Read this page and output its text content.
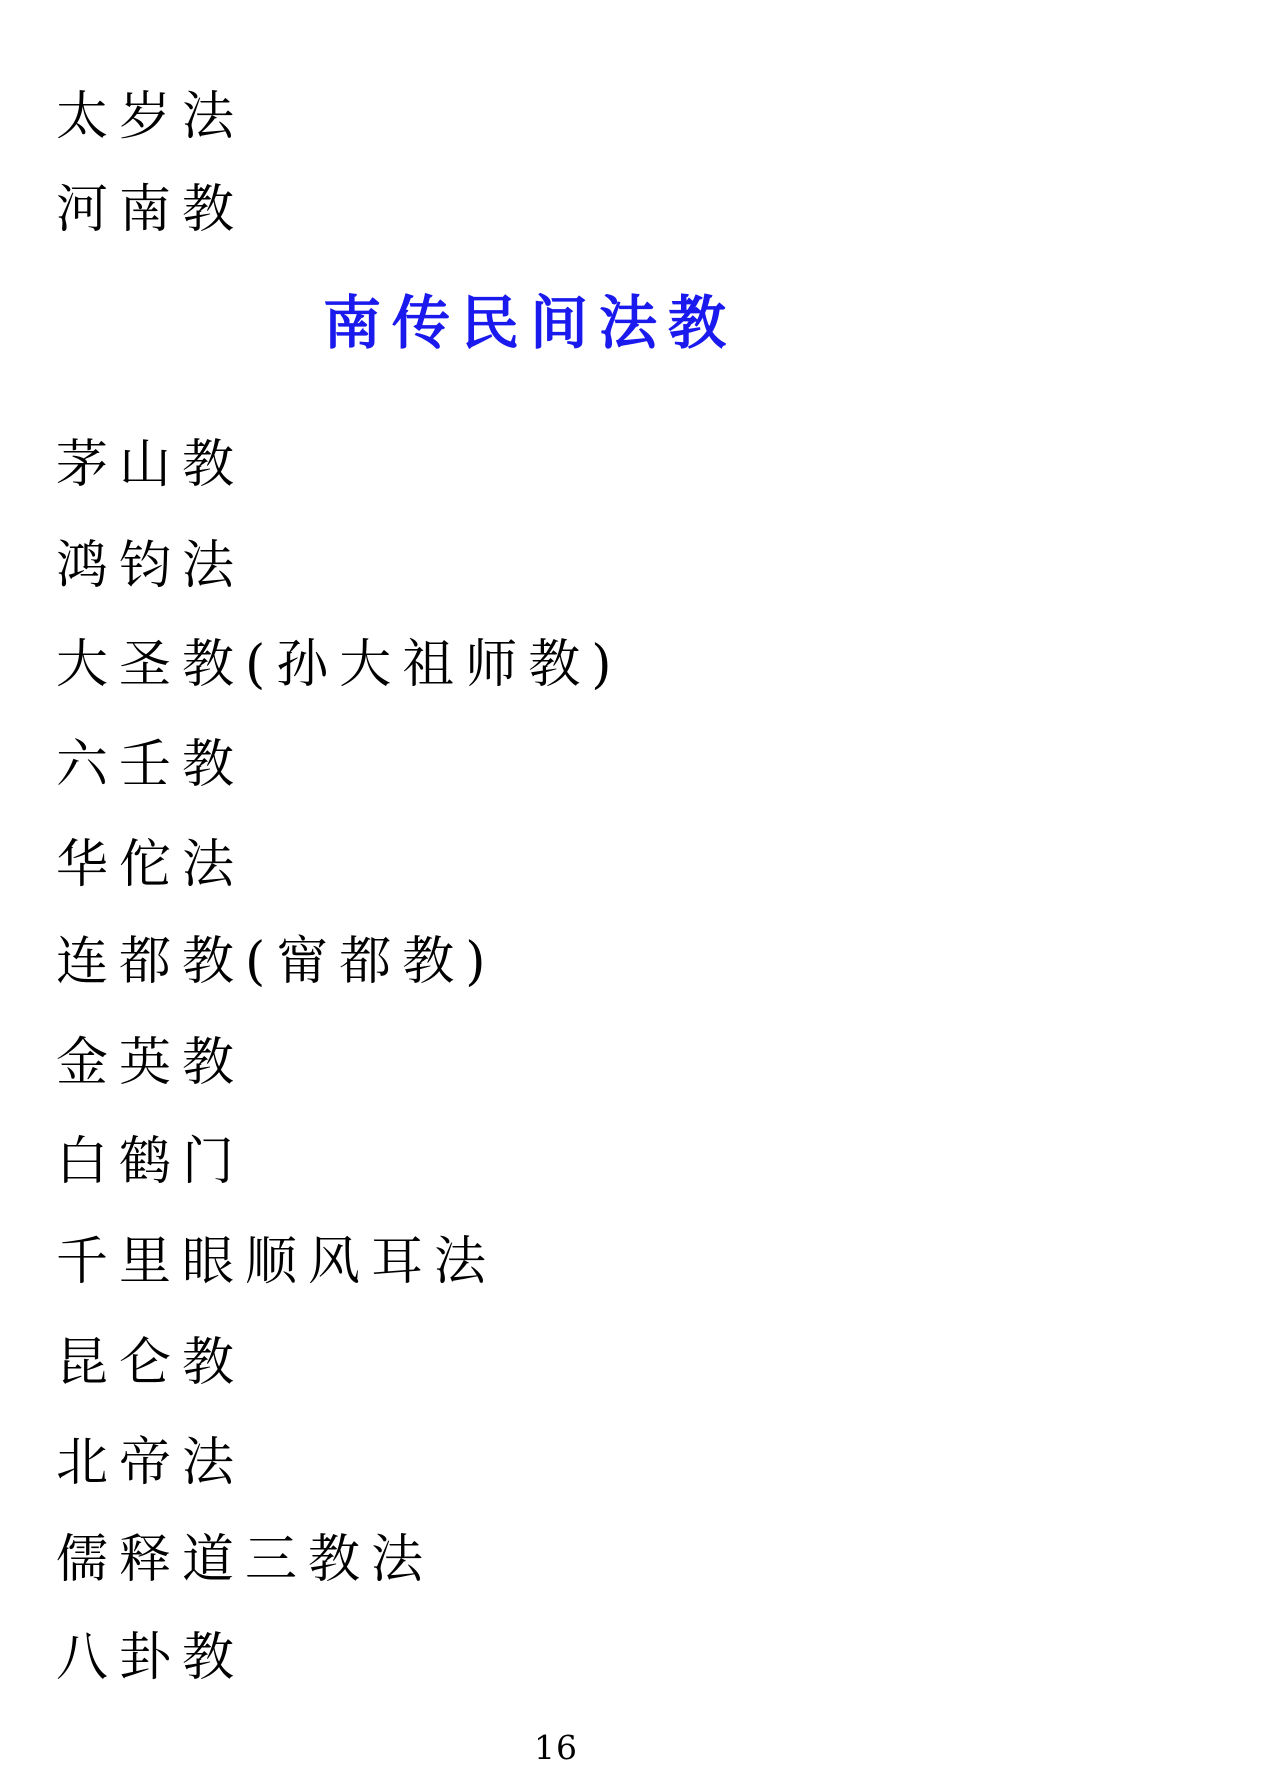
太岁法
河南教
南传民间法教
茅山教
鸿钧法
大圣教(孙大祖师教)
六壬教
华佗法
连都教(甯都教)
金英教
白鹤门
千里眼顺风耳法
昆仑教
北帝法
儒释道三教法
八卦教
16
